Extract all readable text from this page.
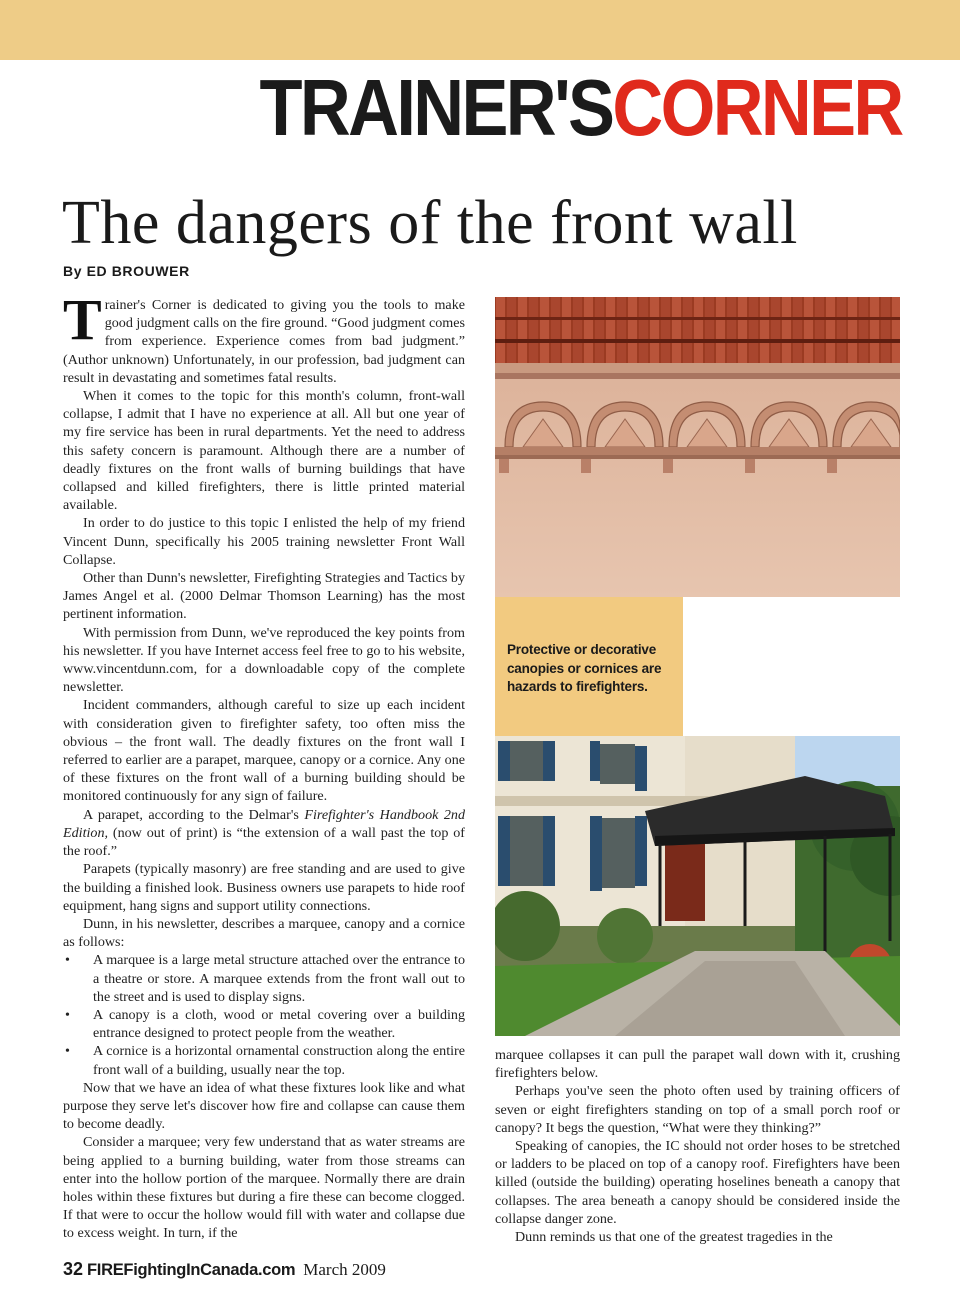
TRAINER'SCORNER
The dangers of the front wall
By ED BROUWER

Trainer's Corner is dedicated to giving you the tools to make good judgment calls on the fire ground. “Good judgment comes from experience. Experience comes from bad judgment.” (Author unknown) Unfortunately, in our profession, bad judgment can result in devastating and sometimes fatal results.

When it comes to the topic for this month's column, front-wall collapse, I admit that I have no experience at all. All but one year of my fire service has been in rural departments. Yet the need to address this safety concern is paramount. Although there are a number of deadly fixtures on the front walls of burning buildings that have collapsed and killed firefighters, there is little printed material available.

In order to do justice to this topic I enlisted the help of my friend Vincent Dunn, specifically his 2005 training newsletter Front Wall Collapse.

Other than Dunn's newsletter, Firefighting Strategies and Tactics by James Angel et al. (2000 Delmar Thomson Learning) has the most pertinent information.

With permission from Dunn, we've reproduced the key points from his newsletter. If you have Internet access feel free to go to his website, www.vincentdunn.com, for a downloadable copy of the complete newsletter.

Incident commanders, although careful to size up each incident with consideration given to firefighter safety, too often miss the obvious – the front wall. The deadly fixtures on the front wall I referred to earlier are a parapet, marquee, canopy or a cornice. Any one of these fixtures on the front wall of a burning building should be monitored continuously for any sign of failure.

A parapet, according to the Delmar's Firefighter's Handbook 2nd Edition, (now out of print) is “the extension of a wall past the top of the roof.”

Parapets (typically masonry) are free standing and are used to give the building a finished look. Business owners use parapets to hide roof equipment, hang signs and support utility connections.

Dunn, in his newsletter, describes a marquee, canopy and a cornice as follows:

• A marquee is a large metal structure attached over the entrance to a theatre or store. A marquee extends from the front wall out to the street and is used to display signs.
• A canopy is a cloth, wood or metal covering over a building entrance designed to protect people from the weather.
• A cornice is a horizontal ornamental construction along the entire front wall of a building, usually near the top.

Now that we have an idea of what these fixtures look like and what purpose they serve let's discover how fire and collapse can cause them to become deadly.

Consider a marquee; very few understand that as water streams are being applied to a burning building, water from those streams can enter into the hollow portion of the marquee. Normally there are drain holes within these fixtures but during a fire these can become clogged. If that were to occur the hollow would fill with water and collapse due to excess weight. In turn, if the

Protective or decorative canopies or cornices are hazards to firefighters.

marquee collapses it can pull the parapet wall down with it, crushing firefighters below.

Perhaps you've seen the photo often used by training officers of seven or eight firefighters standing on top of a small porch roof or canopy? It begs the question, “What were they thinking?”

Speaking of canopies, the IC should not order hoses to be stretched or ladders to be placed on top of a canopy roof. Firefighters have been killed (outside the building) operating hoselines beneath a canopy that collapses. The area beneath a canopy should be considered inside the collapse danger zone.

Dunn reminds us that one of the greatest tragedies in the

32 FIREFightingInCanada.com March 2009
